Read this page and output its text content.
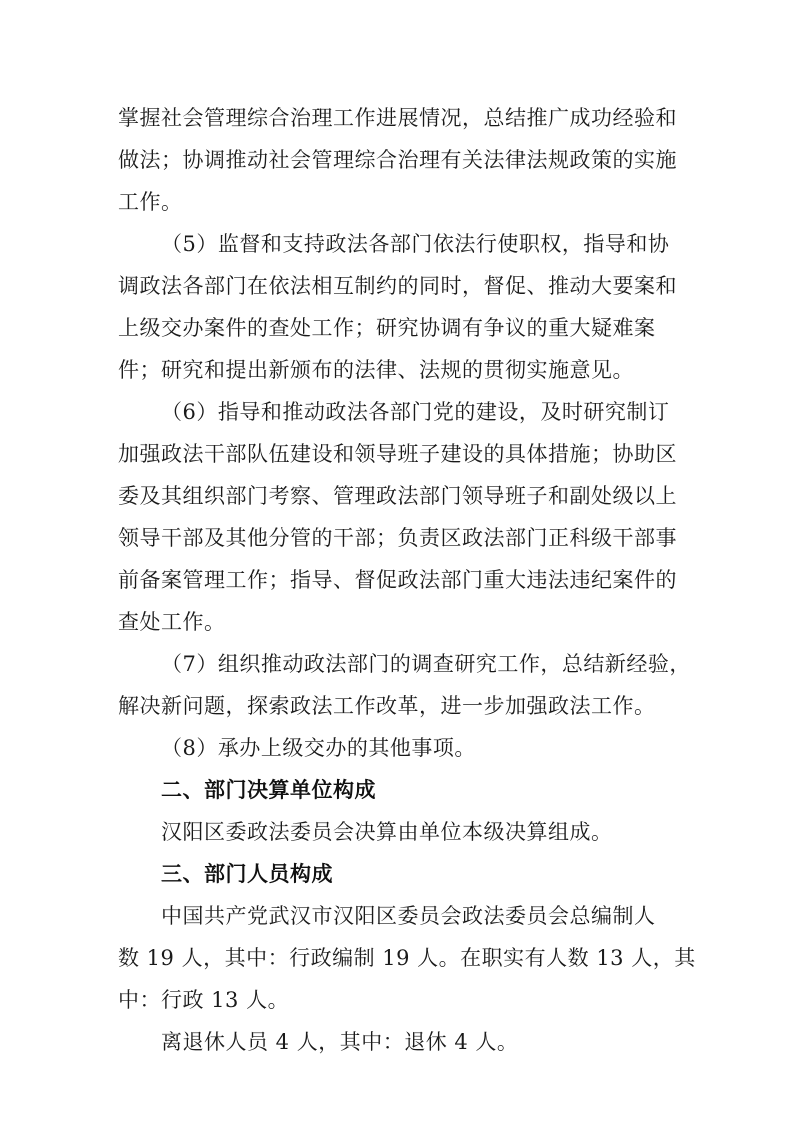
掌握社会管理综合治理工作进展情况，总结推广成功经验和
做法；协调推动社会管理综合治理有关法律法规政策的实施
工作。
（5）监督和支持政法各部门依法行使职权，指导和协
调政法各部门在依法相互制约的同时，督促、推动大要案和
上级交办案件的查处工作；研究协调有争议的重大疑难案
件；研究和提出新颁布的法律、法规的贯彻实施意见。
（6）指导和推动政法各部门党的建设，及时研究制订
加强政法干部队伍建设和领导班子建设的具体措施；协助区
委及其组织部门考察、管理政法部门领导班子和副处级以上
领导干部及其他分管的干部；负责区政法部门正科级干部事
前备案管理工作；指导、督促政法部门重大违法违纪案件的
查处工作。
（7）组织推动政法部门的调查研究工作，总结新经验，
解决新问题，探索政法工作改革，进一步加强政法工作。
（8）承办上级交办的其他事项。
二、部门决算单位构成
汉阳区委政法委员会决算由单位本级决算组成。
三、部门人员构成
中国共产党武汉市汉阳区委员会政法委员会总编制人
数 19 人，其中：行政编制 19 人。在职实有人数 13 人，其
中：行政 13 人。
离退休人员 4 人，其中：退休 4 人。
